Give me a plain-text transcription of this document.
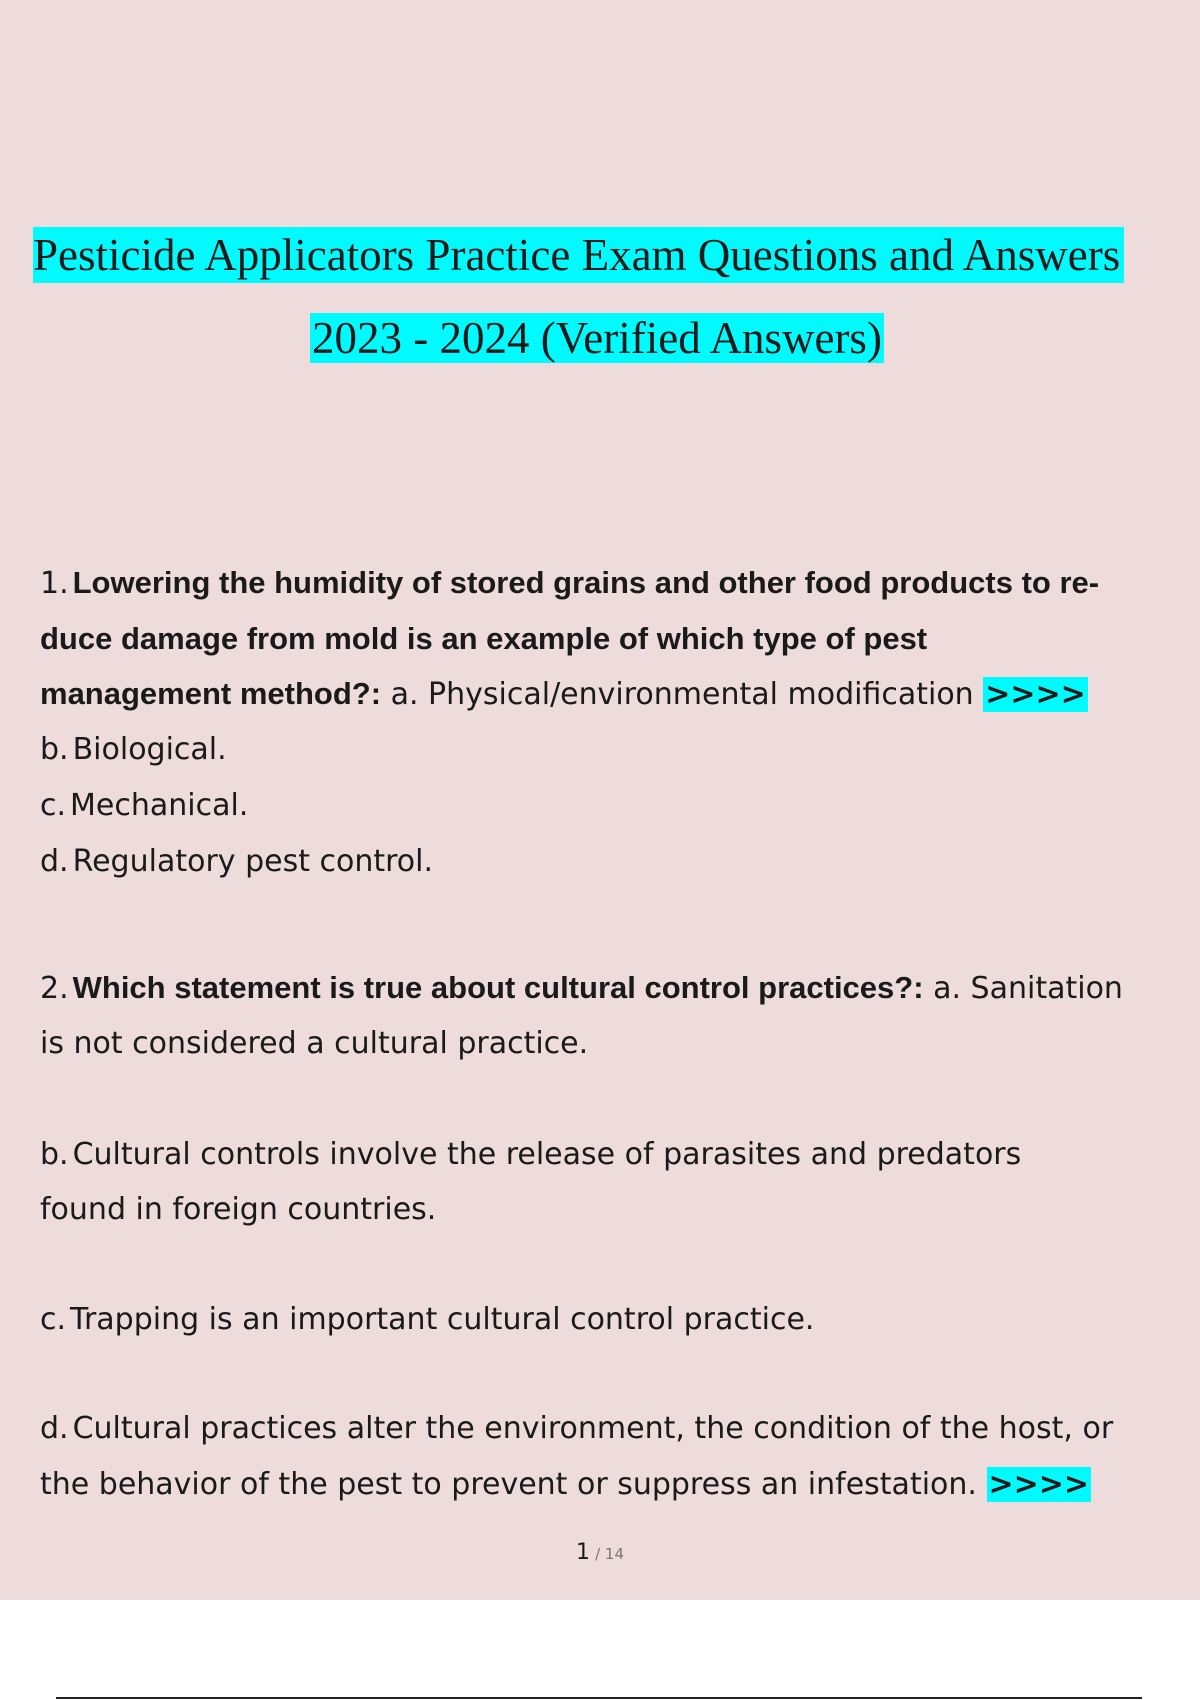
Pesticide Applicators Practice Exam Questions and Answers
2023 - 2024 (Verified Answers)
1. Lowering the humidity of stored grains and other food products to re-
duce damage from mold is an example of which type of pest
management method?: a. Physical/environmental modification >>>>
b. Biological.
c. Mechanical.
d. Regulatory pest control.
2. Which statement is true about cultural control practices?: a. Sanitation
is not considered a cultural practice.
b. Cultural controls involve the release of parasites and predators
found in foreign countries.
c. Trapping is an important cultural control practice.
d. Cultural practices alter the environment, the condition of the host, or
the behavior of the pest to prevent or suppress an infestation. >>>>
1 / 14
